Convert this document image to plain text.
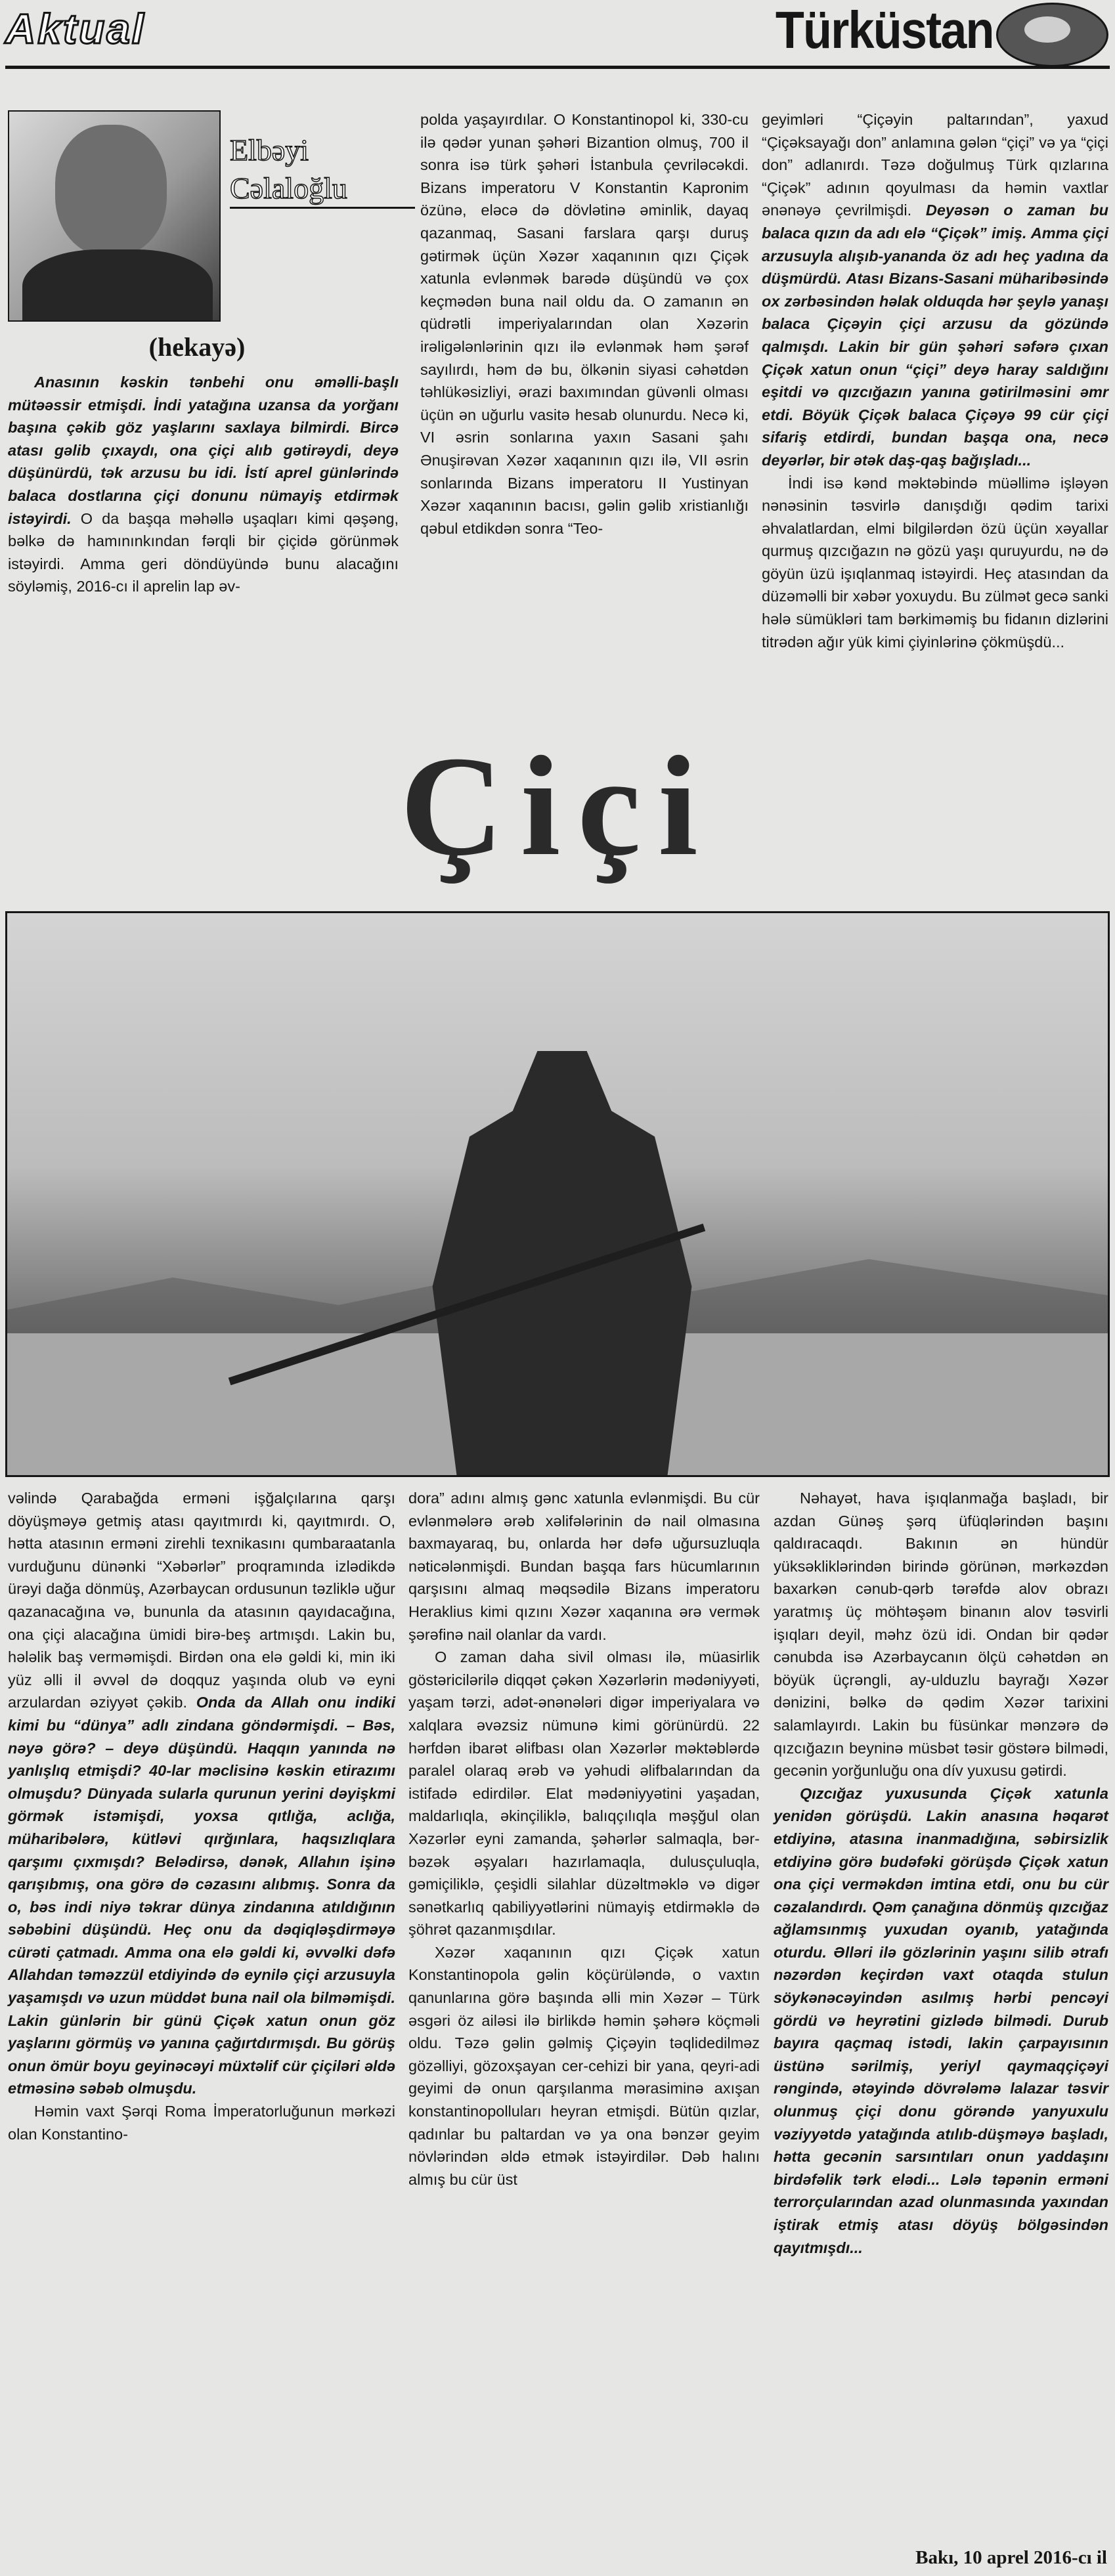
Aktual	Türküstan
Elbəyi
Cəlaloğlu
(hekayə)

Anasının kəskin tənbehi onu əməlli-başlı mütəəssir etmişdi. İndi yatağına uzansa da yorğanı başına çəkib göz yaşlarını saxlaya bilmirdi. Bircə atası gəlib çıxaydı, ona çiçi alıb gətirəydi, deyə düşünürdü, tək arzusu bu idi. İstí aprel günlərində balaca dostlarına çiçi donunu nümayiş etdirmək istəyirdi. O da başqa məhəllə uşaqları kimi qəşəng, bəlkə də hamınınkından fərqli bir çiçidə görünmək istəyirdi. Amma geri döndüyündə bunu alacağını söyləmiş, 2016-cı il aprelin lap əv-

polda yaşayırdılar. O Konstantinopol ki, 330-cu ilə qədər yunan şəhəri Bizantion olmuş, 700 il sonra isə türk şəhəri İstanbula çevriləcəkdi. Bizans imperatoru V Konstantin Kapronim özünə, eləcə də dövlətinə əminlik, dayaq qazanmaq, Sasani farslara qarşı duruş gətirmək üçün Xəzər xaqanının qızı Çiçək xatunla evlənmək barədə düşündü və çox keçmədən buna nail oldu da. O zamanın ən qüdrətli imperiyalarından olan Xəzərin irəligələnlərinin qızı ilə evlənmək həm şərəf sayılırdı, həm də bu, ölkənin siyasi cəhətdən təhlükəsizliyi, ərazi baxımından güvənli olması üçün ən uğurlu vasitə hesab olunurdu. Necə ki, VI əsrin sonlarına yaxın Sasani şahı Ənuşirəvan Xəzər xaqanının qızı ilə, VII əsrin sonlarında Bizans imperatoru II Yustinyan Xəzər xaqanının bacısı, gəlin gəlib xristianlığı qəbul etdikdən sonra “Teo-

geyimləri “Çiçəyin paltarından”, yaxud “Çiçəksayağı don” anlamına gələn “çiçi” və ya “çiçi don” adlanırdı. Təzə doğulmuş Türk qızlarına “Çiçək” adının qoyulması da həmin vaxtlar ənənəyə çevrilmişdi. Deyəsən o zaman bu balaca qızın da adı elə “Çiçək” imiş. Amma çiçi arzusuyla alışıb-yananda öz adı heç yadına da düşmürdü. Atası Bizans-Sasani müharibəsində ox zərbəsindən həlak olduqda hər şeylə yanaşı balaca Çiçəyin çiçi arzusu da gözündə qalmışdı. Lakin bir gün şəhəri səfərə çıxan Çiçək xatun onun “çiçi” deyə haray saldığını eşitdi və qızcığazın yanına gətirilməsini əmr etdi. Böyük Çiçək balaca Çiçəyə 99 cür çiçi sifariş etdirdi, bundan başqa ona, necə deyərlər, bir ətək daş-qaş bağışladı...

İndi isə kənd məktəbində müəllimə işləyən nənəsinin təsvirlə danışdığı qədim tarixi əhvalatlardan, elmi bilgilərdən özü üçün xəyallar qurmuş qızcığazın nə gözü yaşı quruyurdu, nə də göyün üzü işıqlanmaq istəyirdi. Heç atasından da düzəməlli bir xəbər yoxuydu. Bu zülmət gecə sanki hələ sümükləri tam bərkiməmiş bu fidanın dizlərini titrədən ağır yük kimi çiyinlərinə çökmüşdü...

Çiçi

vəlində Qarabağda erməni işğalçılarına qarşı döyüşməyə getmiş atası qayıtmırdı ki, qayıtmırdı. O, hətta atasının erməni zirehli texnikasını qumbaraatanla vurduğunu dünənki “Xəbərlər” proqramında izlədikdə ürəyi dağa dönmüş, Azərbaycan ordusunun təzliklə uğur qazanacağına və, bununla da atasının qayıdacağına, ona çiçi alacağına ümidi birə-beş artmışdı. Lakin bu, hələlik baş verməmişdi. Birdən ona elə gəldi ki, min iki yüz əlli il əvvəl də doqquz yaşında olub və eyni arzulardan əziyyət çəkib. Onda da Allah onu indiki kimi bu “dünya” adlı zindana göndərmişdi. – Bəs, nəyə görə? – deyə düşündü. Haqqın yanında nə yanlışlıq etmişdi? 40-lar məclisinə kəskin etirazımı olmuşdu? Dünyada sularla qurunun yerini dəyişkmi görmək istəmişdi, yoxsa qıtlığa, aclığa, müharibələrə, kütləvi qırğınlara, haqsızlıqlara qarşımı çıxmışdı? Belədirsə, dənək, Allahın işinə qarışıbmış, ona görə də cəzasını alıbmış. Sonra da o, bəs indi niyə təkrar dünya zindanına atıldığının səbəbini düşündü. Heç onu da dəqiqləşdirməyə cürəti çatmadı. Amma ona elə gəldi ki, əvvəlki dəfə Allahdan təməzzül etdiyində də eynilə çiçi arzusuyla yaşamışdı və uzun müddət buna nail ola bilməmişdi. Lakin günlərin bir günü Çiçək xatun onun göz yaşlarını görmüş və yanına çağırtdırmışdı. Bu görüş onun ömür boyu geyinəcəyi müxtəlif cür çiçiləri əldə etməsinə səbəb olmuşdu.

Həmin vaxt Şərqi Roma İmperatorluğunun mərkəzi olan Konstantino-

dora” adını almış gənc xatunla evlənmişdi. Bu cür evlənmələrə ərəb xəlifələrinin də nail olmasına baxmayaraq, bu, onlarda hər dəfə uğursuzluqla nəticələnmişdi. Bundan başqa fars hücumlarının qarşısını almaq məqsədilə Bizans imperatoru Heraklius kimi qızını Xəzər xaqanına ərə vermək şərəfinə nail olanlar da vardı.

O zaman daha sivil olması ilə, müasirlik göstəricilərilə diqqət çəkən Xəzərlərin mədəniyyəti, yaşam tərzi, adət-ənənələri digər imperiyalara və xalqlara əvəzsiz nümunə kimi görünürdü. 22 hərfdən ibarət əlifbası olan Xəzərlər məktəblərdə paralel olaraq ərəb və yəhudi əlifbalarından da istifadə edirdilər. Elat mədəniyyətini yaşadan, maldarlıqla, əkinçiliklə, balıqçılıqla məşğul olan Xəzərlər eyni zamanda, şəhərlər salmaqla, bər-bəzək əşyaları hazırlamaqla, dulusçuluqla, gəmiçiliklə, çeşidli silahlar düzəltməklə və digər sənətkarlıq qabiliyyətlərini nümayiş etdirməklə də şöhrət qazanmışdılar.

Xəzər xaqanının qızı Çiçək xatun Konstantinopola gəlin köçürüləndə, o vaxtın qanunlarına görə başında əlli min Xəzər – Türk əsgəri öz ailəsi ilə birlikdə həmin şəhərə köçməli oldu. Təzə gəlin gəlmiş Çiçəyin təqlidedilməz gözəlliyi, gözoxşayan cer-cehizi bir yana, qeyri-adi geyimi də onun qarşılanma mərasiminə axışan konstantinopolluları heyran etmişdi. Bütün qızlar, qadınlar bu paltardan və ya ona bənzər geyim növlərindən əldə etmək istəyirdilər. Dəb halını almış bu cür üst

Nəhayət, hava işıqlanmağa başladı, bir azdan Günəş şərq üfüqlərindən başını qaldıracaqdı. Bakının ən hündür yüksəkliklərindən birində görünən, mərkəzdən baxarkən cənub-qərb tərəfdə alov obrazı yaratmış üç möhtəşəm binanın alov təsvirli işıqları deyil, məhz özü idi. Ondan bir qədər cənubda isə Azərbaycanın ölçü cəhətdən ən böyük üçrəngli, ay-ulduzlu bayrağı Xəzər dənizini, bəlkə də qədim Xəzər tarixini salamlayırdı. Lakin bu füsünkar mənzərə də qızcığazın beyninə müsbət təsir göstərə bilmədi, gecənin yorğunluğu ona dív yuxusu gətirdi.

Qızcığaz yuxusunda Çiçək xatunla yenidən görüşdü. Lakin anasına həqarət etdiyinə, atasına inanmadığına, səbirsizlik etdiyinə görə budəfəki görüşdə Çiçək xatun ona çiçi verməkdən imtina etdi, onu bu cür cəzalandırdı. Qəm çanağına dönmüş qızcığaz ağlamsınmış yuxudan oyanıb, yatağında oturdu. Əlləri ilə gözlərinin yaşını silib ətrafı nəzərdən keçirdən vaxt otaqda stulun söykənəcəyindən asılmış hərbi pencəyi gördü və heyrətini gizlədə bilmədi. Durub bayıra qaçmaq istədi, lakin çarpayısının üstünə sərilmiş, yeriyl qaymaqçiçəyi rəngində, ətəyində dövrələmə lalazar təsvir olunmuş çiçi donu görəndə yanyuxulu vəziyyətdə yatağında atılıb-düşməyə başladı, hətta gecənin sarsıntıları onun yaddaşını birdəfəlik tərk elədi... Lələ təpənin erməni terrorçularından azad olunmasında yaxından iştirak etmiş atası döyüş bölgəsindən qayıtmışdı...

Bakı, 10 aprel 2016-cı il
